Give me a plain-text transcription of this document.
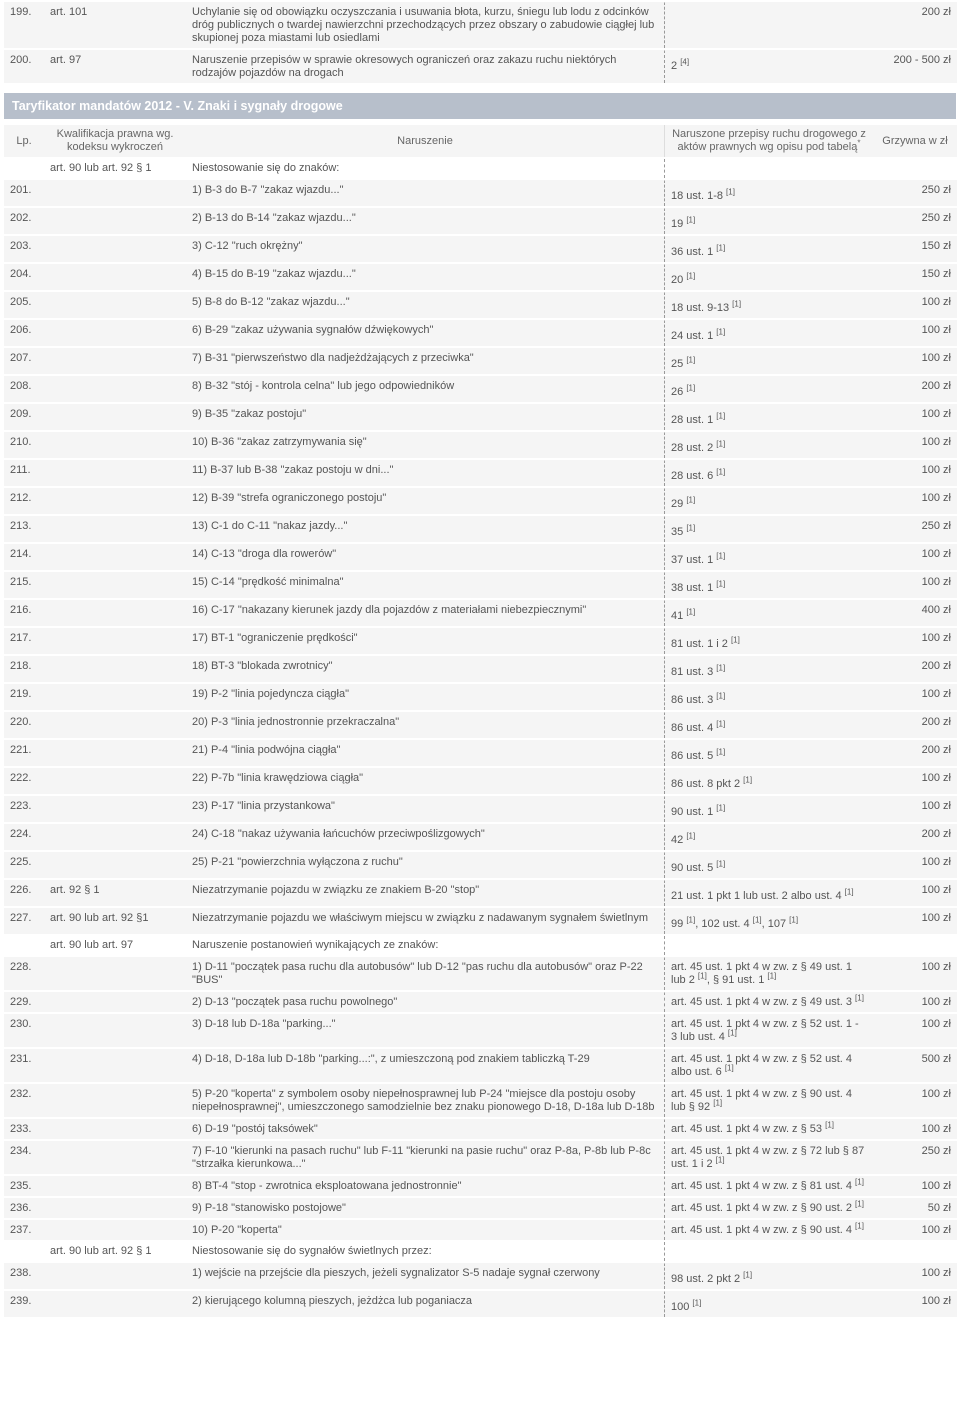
199.	art. 101	Uchylanie się od obowiązku oczyszczania i usuwania błota, kurzu, śniegu lub lodu z odcinków dróg publicznych o twardej nawierzchni przechodzących przez obszary o zabudowie ciągłej lub skupionej poza miastami lub osiedlami		200 zł
200.	art. 97	Naruszenie przepisów w sprawie okresowych ograniczeń oraz zakazu ruchu niektórych rodzajów pojazdów na drogach	2 [4]	200 - 500 zł
Taryfikator mandatów 2012 - V. Znaki i sygnały drogowe
Lp.	Kwalifikacja prawna wg. kodeksu wykroczeń	Naruszenie	Naruszone przepisy ruchu drogowego z aktów prawnych wg opisu pod tabelą*	Grzywna w zł
	art. 90 lub art. 92 § 1	Niestosowanie się do znaków:		
201.		1) B-3 do B-7 "zakaz wjazdu..."	18 ust. 1-8 [1]	250 zł
202.		2) B-13 do B-14 "zakaz wjazdu..."	19 [1]	250 zł
203.		3) C-12 "ruch okrężny"	36 ust. 1 [1]	150 zł
204.		4) B-15 do B-19 "zakaz wjazdu..."	20 [1]	150 zł
205.		5) B-8 do B-12 "zakaz wjazdu..."	18 ust. 9-13 [1]	100 zł
206.		6) B-29 "zakaz używania sygnałów dźwiękowych"	24 ust. 1 [1]	100 zł
207.		7) B-31 "pierwszeństwo dla nadjeżdżających z przeciwka"	25 [1]	100 zł
208.		8) B-32 "stój - kontrola celna" lub jego odpowiedników	26 [1]	200 zł
209.		9) B-35 "zakaz postoju"	28 ust. 1 [1]	100 zł
210.		10) B-36 "zakaz zatrzymywania się"	28 ust. 2 [1]	100 zł
211.		11) B-37 lub B-38 "zakaz postoju w dni..."	28 ust. 6 [1]	100 zł
212.		12) B-39 "strefa ograniczonego postoju"	29 [1]	100 zł
213.		13) C-1 do C-11 "nakaz jazdy..."	35 [1]	250 zł
214.		14) C-13 "droga dla rowerów"	37 ust. 1 [1]	100 zł
215.		15) C-14 "prędkość minimalna"	38 ust. 1 [1]	100 zł
216.		16) C-17 "nakazany kierunek jazdy dla pojazdów z materiałami niebezpiecznymi"	41 [1]	400 zł
217.		17) BT-1 "ograniczenie prędkości"	81 ust. 1 i 2 [1]	100 zł
218.		18) BT-3 "blokada zwrotnicy"	81 ust. 3 [1]	200 zł
219.		19) P-2 "linia pojedyncza ciągła"	86 ust. 3 [1]	100 zł
220.		20) P-3 "linia jednostronnie przekraczalna"	86 ust. 4 [1]	200 zł
221.		21) P-4 "linia podwójna ciągła"	86 ust. 5 [1]	200 zł
222.		22) P-7b "linia krawędziowa ciągła"	86 ust. 8 pkt 2 [1]	100 zł
223.		23) P-17 "linia przystankowa"	90 ust. 1 [1]	100 zł
224.		24) C-18 "nakaz używania łańcuchów przeciwpoślizgowych"	42 [1]	200 zł
225.		25) P-21 "powierzchnia wyłączona z ruchu"	90 ust. 5 [1]	100 zł
226.	art. 92 § 1	Niezatrzymanie pojazdu w związku ze znakiem B-20 "stop"	21 ust. 1 pkt 1 lub ust. 2 albo ust. 4 [1]	100 zł
227.	art. 90 lub art. 92 §1	Niezatrzymanie pojazdu we właściwym miejscu w związku z nadawanym sygnałem świetlnym	99 [1], 102 ust. 4 [1], 107 [1]	100 zł
	art. 90 lub art. 97	Naruszenie postanowień wynikających ze znaków:		
228.		1) D-11 "początek pasa ruchu dla autobusów" lub D-12 "pas ruchu dla autobusów" oraz P-22 "BUS"	art. 45 ust. 1 pkt 4 w zw. z § 49 ust. 1 lub 2 [1], § 91 ust. 1 [1]	100 zł
229.		2) D-13 "początek pasa ruchu powolnego"	art. 45 ust. 1 pkt 4 w zw. z § 49 ust. 3 [1]	100 zł
230.		3) D-18 lub D-18a "parking..."	art. 45 ust. 1 pkt 4 w zw. z § 52 ust. 1 - 3 lub ust. 4 [1]	100 zł
231.		4) D-18, D-18a lub D-18b "parking...:", z umieszczoną pod znakiem tabliczką T-29	art. 45 ust. 1 pkt 4 w zw. z § 52 ust. 4 albo ust. 6 [1]	500 zł
232.		5) P-20 "koperta" z symbolem osoby niepełnosprawnej lub P-24 "miejsce dla postoju osoby niepełnosprawnej", umieszczonego samodzielnie bez znaku pionowego D-18, D-18a lub D-18b	art. 45 ust. 1 pkt 4 w zw. z § 90 ust. 4 lub § 92 [1]	100 zł
233.		6) D-19 "postój taksówek"	art. 45 ust. 1 pkt 4 w zw. z § 53 [1]	100 zł
234.		7) F-10 "kierunki na pasach ruchu" lub F-11 "kierunki na pasie ruchu" oraz P-8a, P-8b lub P-8c "strzałka kierunkowa..."	art. 45 ust. 1 pkt 4 w zw. z § 72 lub § 87 ust. 1 i 2 [1]	250 zł
235.		8) BT-4 "stop - zwrotnica eksploatowana jednostronnie"	art. 45 ust. 1 pkt 4 w zw. z § 81 ust. 4 [1]	100 zł
236.		9) P-18 "stanowisko postojowe"	art. 45 ust. 1 pkt 4 w zw. z § 90 ust. 2 [1]	50 zł
237.		10) P-20 "koperta"	art. 45 ust. 1 pkt 4 w zw. z § 90 ust. 4 [1]	100 zł
	art. 90 lub art. 92 § 1	Niestosowanie się do sygnałów świetlnych przez:		
238.		1) wejście na przejście dla pieszych, jeżeli sygnalizator S-5 nadaje sygnał czerwony	98 ust. 2 pkt 2 [1]	100 zł
239.		2) kierującego kolumną pieszych, jeżdżca lub poganiacza	100 [1]	100 zł
